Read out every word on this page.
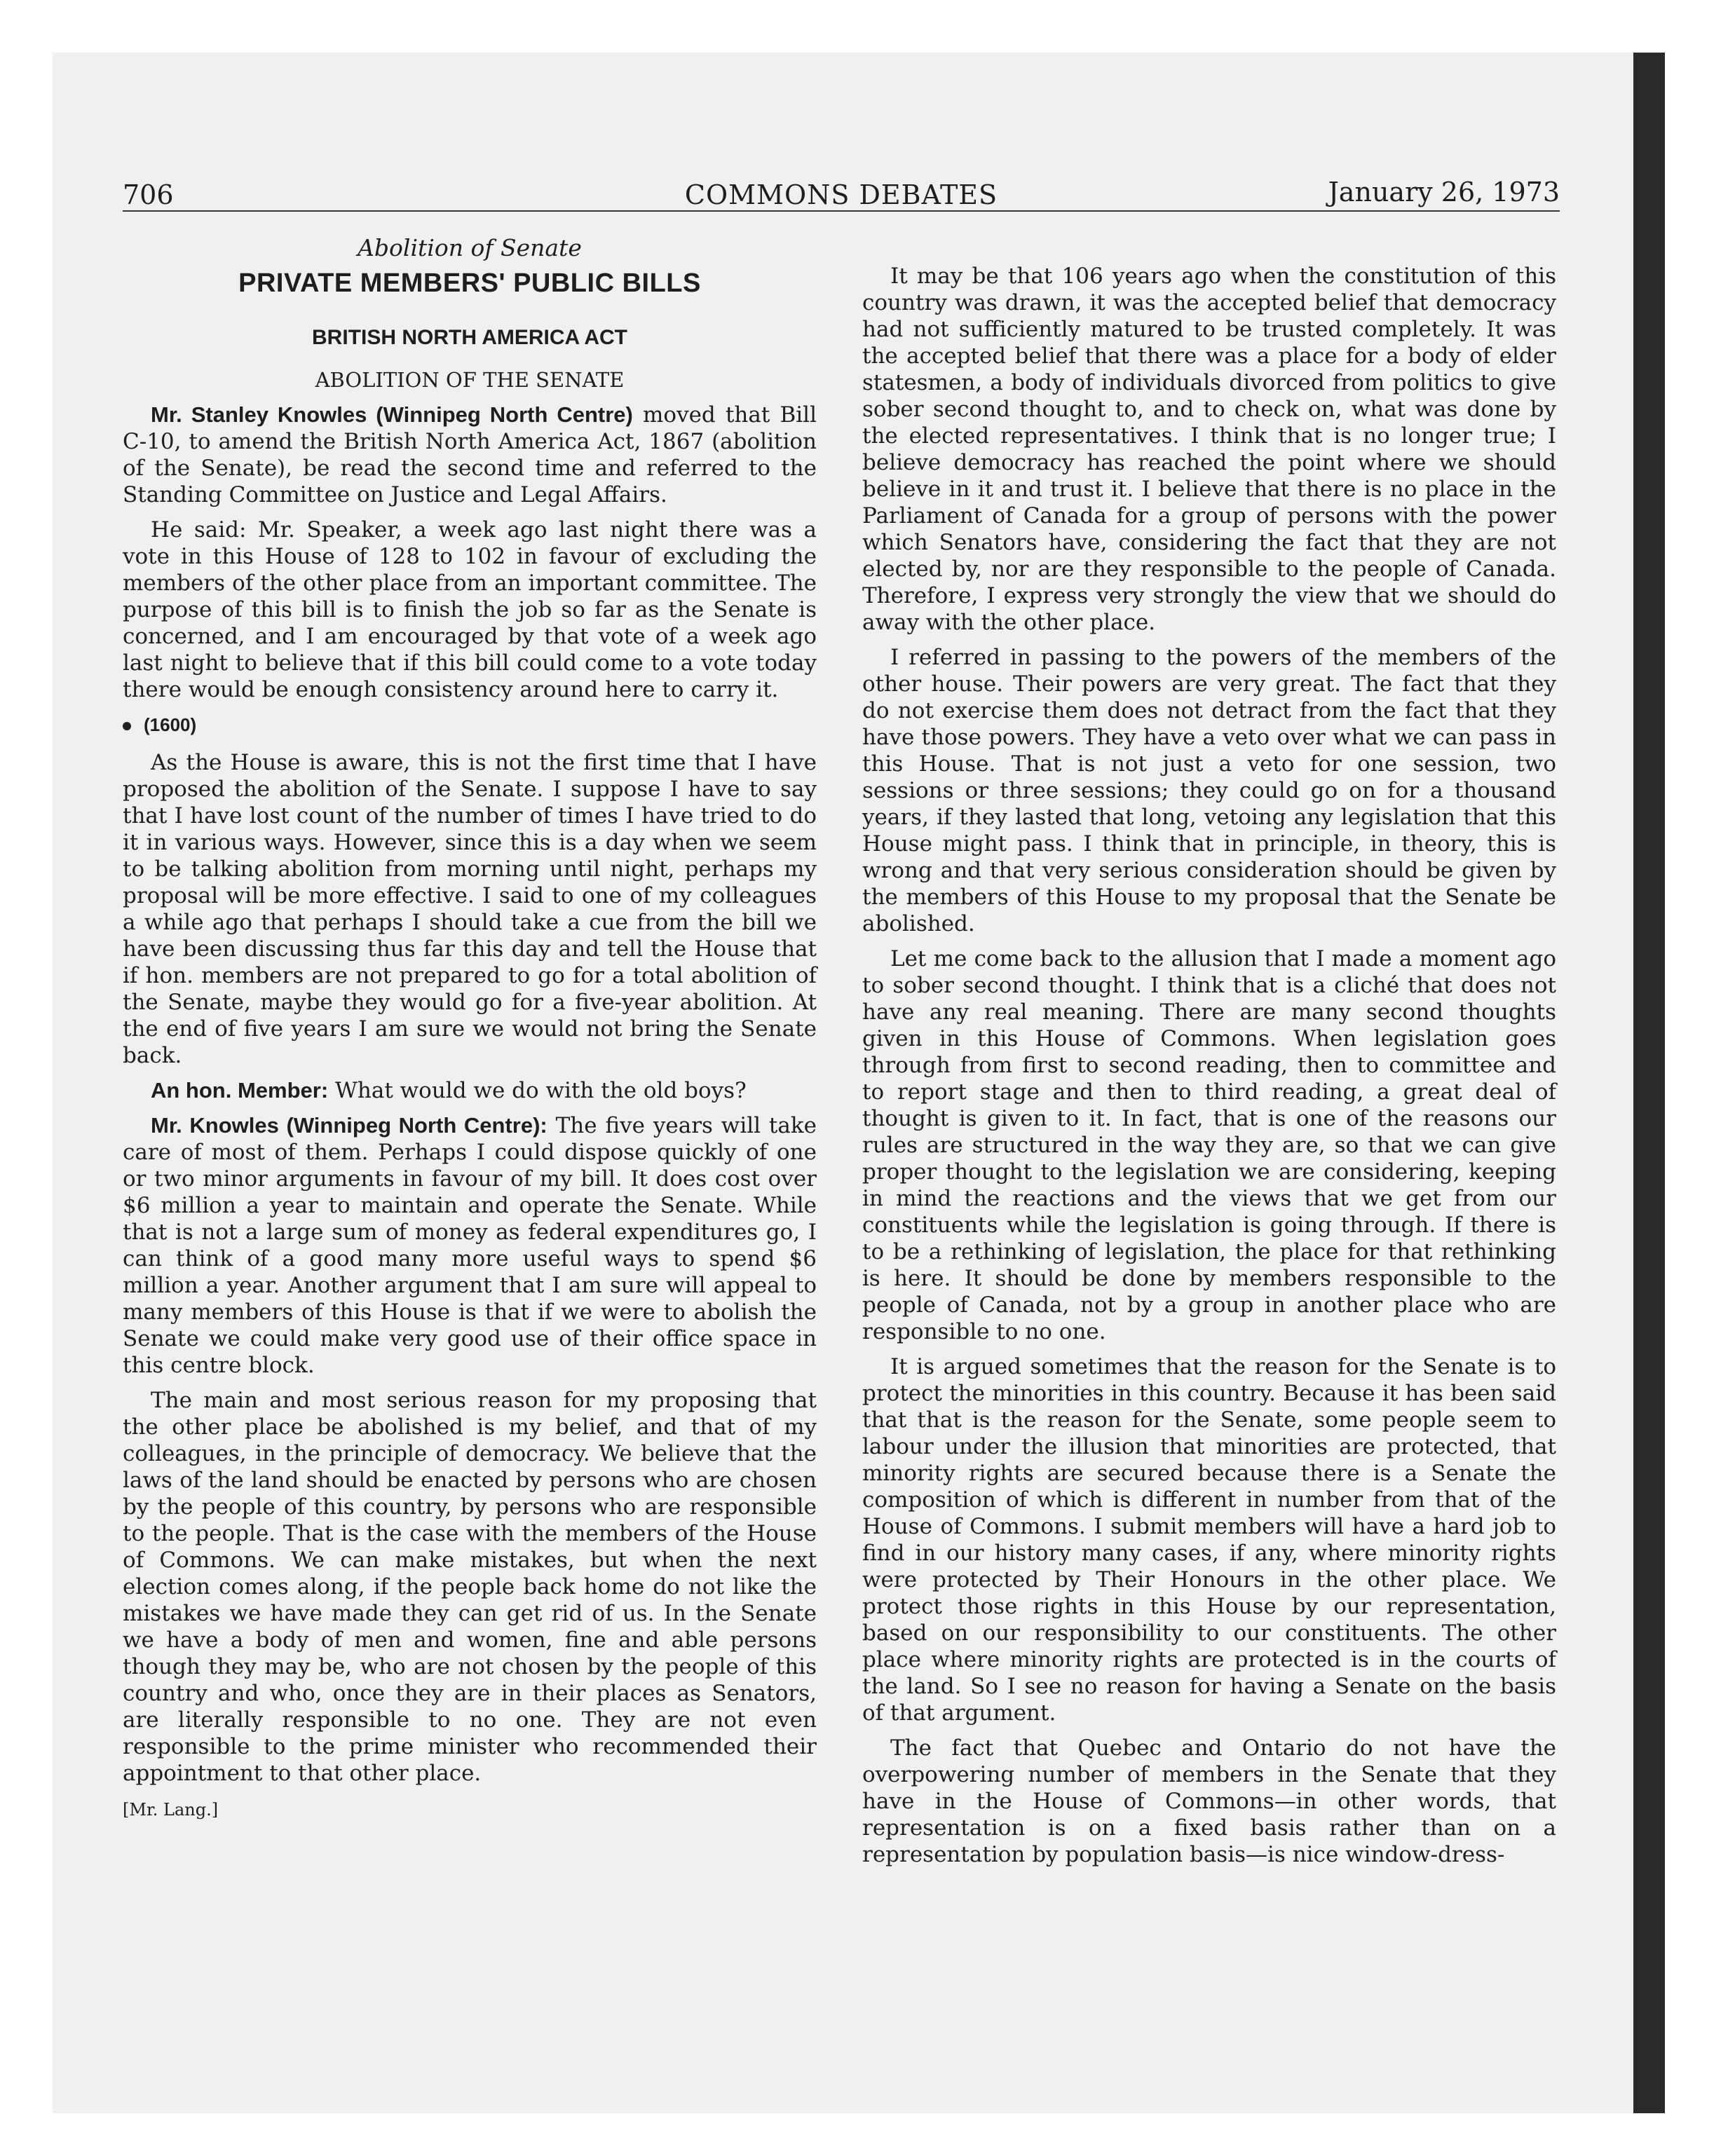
706	COMMONS DEBATES	January 26, 1973
Abolition of Senate
PRIVATE MEMBERS' PUBLIC BILLS
BRITISH NORTH AMERICA ACT
ABOLITION OF THE SENATE

Mr. Stanley Knowles (Winnipeg North Centre) moved that Bill C-10, to amend the British North America Act, 1867 (abolition of the Senate), be read the second time and referred to the Standing Committee on Justice and Legal Affairs.

He said: Mr. Speaker, a week ago last night there was a vote in this House of 128 to 102 in favour of excluding the members of the other place from an important committee. The purpose of this bill is to finish the job so far as the Senate is concerned, and I am encouraged by that vote of a week ago last night to believe that if this bill could come to a vote today there would be enough consistency around here to carry it.

(1600)

As the House is aware, this is not the first time that I have proposed the abolition of the Senate. I suppose I have to say that I have lost count of the number of times I have tried to do it in various ways. However, since this is a day when we seem to be talking abolition from morning until night, perhaps my proposal will be more effective. I said to one of my colleagues a while ago that perhaps I should take a cue from the bill we have been discussing thus far this day and tell the House that if hon. members are not prepared to go for a total abolition of the Senate, maybe they would go for a five-year abolition. At the end of five years I am sure we would not bring the Senate back.

An hon. Member: What would we do with the old boys?

Mr. Knowles (Winnipeg North Centre): The five years will take care of most of them. Perhaps I could dispose quickly of one or two minor arguments in favour of my bill. It does cost over $6 million a year to maintain and operate the Senate. While that is not a large sum of money as federal expenditures go, I can think of a good many more useful ways to spend $6 million a year. Another argument that I am sure will appeal to many members of this House is that if we were to abolish the Senate we could make very good use of their office space in this centre block.

The main and most serious reason for my proposing that the other place be abolished is my belief, and that of my colleagues, in the principle of democracy. We believe that the laws of the land should be enacted by persons who are chosen by the people of this country, by persons who are responsible to the people. That is the case with the members of the House of Commons. We can make mistakes, but when the next election comes along, if the people back home do not like the mistakes we have made they can get rid of us. In the Senate we have a body of men and women, fine and able persons though they may be, who are not chosen by the people of this country and who, once they are in their places as Senators, are literally responsible to no one. They are not even responsible to the prime minister who recommended their appointment to that other place.

[Mr. Lang.]

It may be that 106 years ago when the constitution of this country was drawn, it was the accepted belief that democracy had not sufficiently matured to be trusted completely. It was the accepted belief that there was a place for a body of elder statesmen, a body of individuals divorced from politics to give sober second thought to, and to check on, what was done by the elected representatives. I think that is no longer true; I believe democracy has reached the point where we should believe in it and trust it. I believe that there is no place in the Parliament of Canada for a group of persons with the power which Senators have, considering the fact that they are not elected by, nor are they responsible to the people of Canada. Therefore, I express very strongly the view that we should do away with the other place.

I referred in passing to the powers of the members of the other house. Their powers are very great. The fact that they do not exercise them does not detract from the fact that they have those powers. They have a veto over what we can pass in this House. That is not just a veto for one session, two sessions or three sessions; they could go on for a thousand years, if they lasted that long, vetoing any legislation that this House might pass. I think that in principle, in theory, this is wrong and that very serious consideration should be given by the members of this House to my proposal that the Senate be abolished.

Let me come back to the allusion that I made a moment ago to sober second thought. I think that is a cliché that does not have any real meaning. There are many second thoughts given in this House of Commons. When legislation goes through from first to second reading, then to committee and to report stage and then to third reading, a great deal of thought is given to it. In fact, that is one of the reasons our rules are structured in the way they are, so that we can give proper thought to the legislation we are considering, keeping in mind the reactions and the views that we get from our constituents while the legislation is going through. If there is to be a rethinking of legislation, the place for that rethinking is here. It should be done by members responsible to the people of Canada, not by a group in another place who are responsible to no one.

It is argued sometimes that the reason for the Senate is to protect the minorities in this country. Because it has been said that that is the reason for the Senate, some people seem to labour under the illusion that minorities are protected, that minority rights are secured because there is a Senate the composition of which is different in number from that of the House of Commons. I submit members will have a hard job to find in our history many cases, if any, where minority rights were protected by Their Honours in the other place. We protect those rights in this House by our representation, based on our responsibility to our constituents. The other place where minority rights are protected is in the courts of the land. So I see no reason for having a Senate on the basis of that argument.

The fact that Quebec and Ontario do not have the overpowering number of members in the Senate that they have in the House of Commons—in other words, that representation is on a fixed basis rather than on a representation by population basis—is nice window-dress-
